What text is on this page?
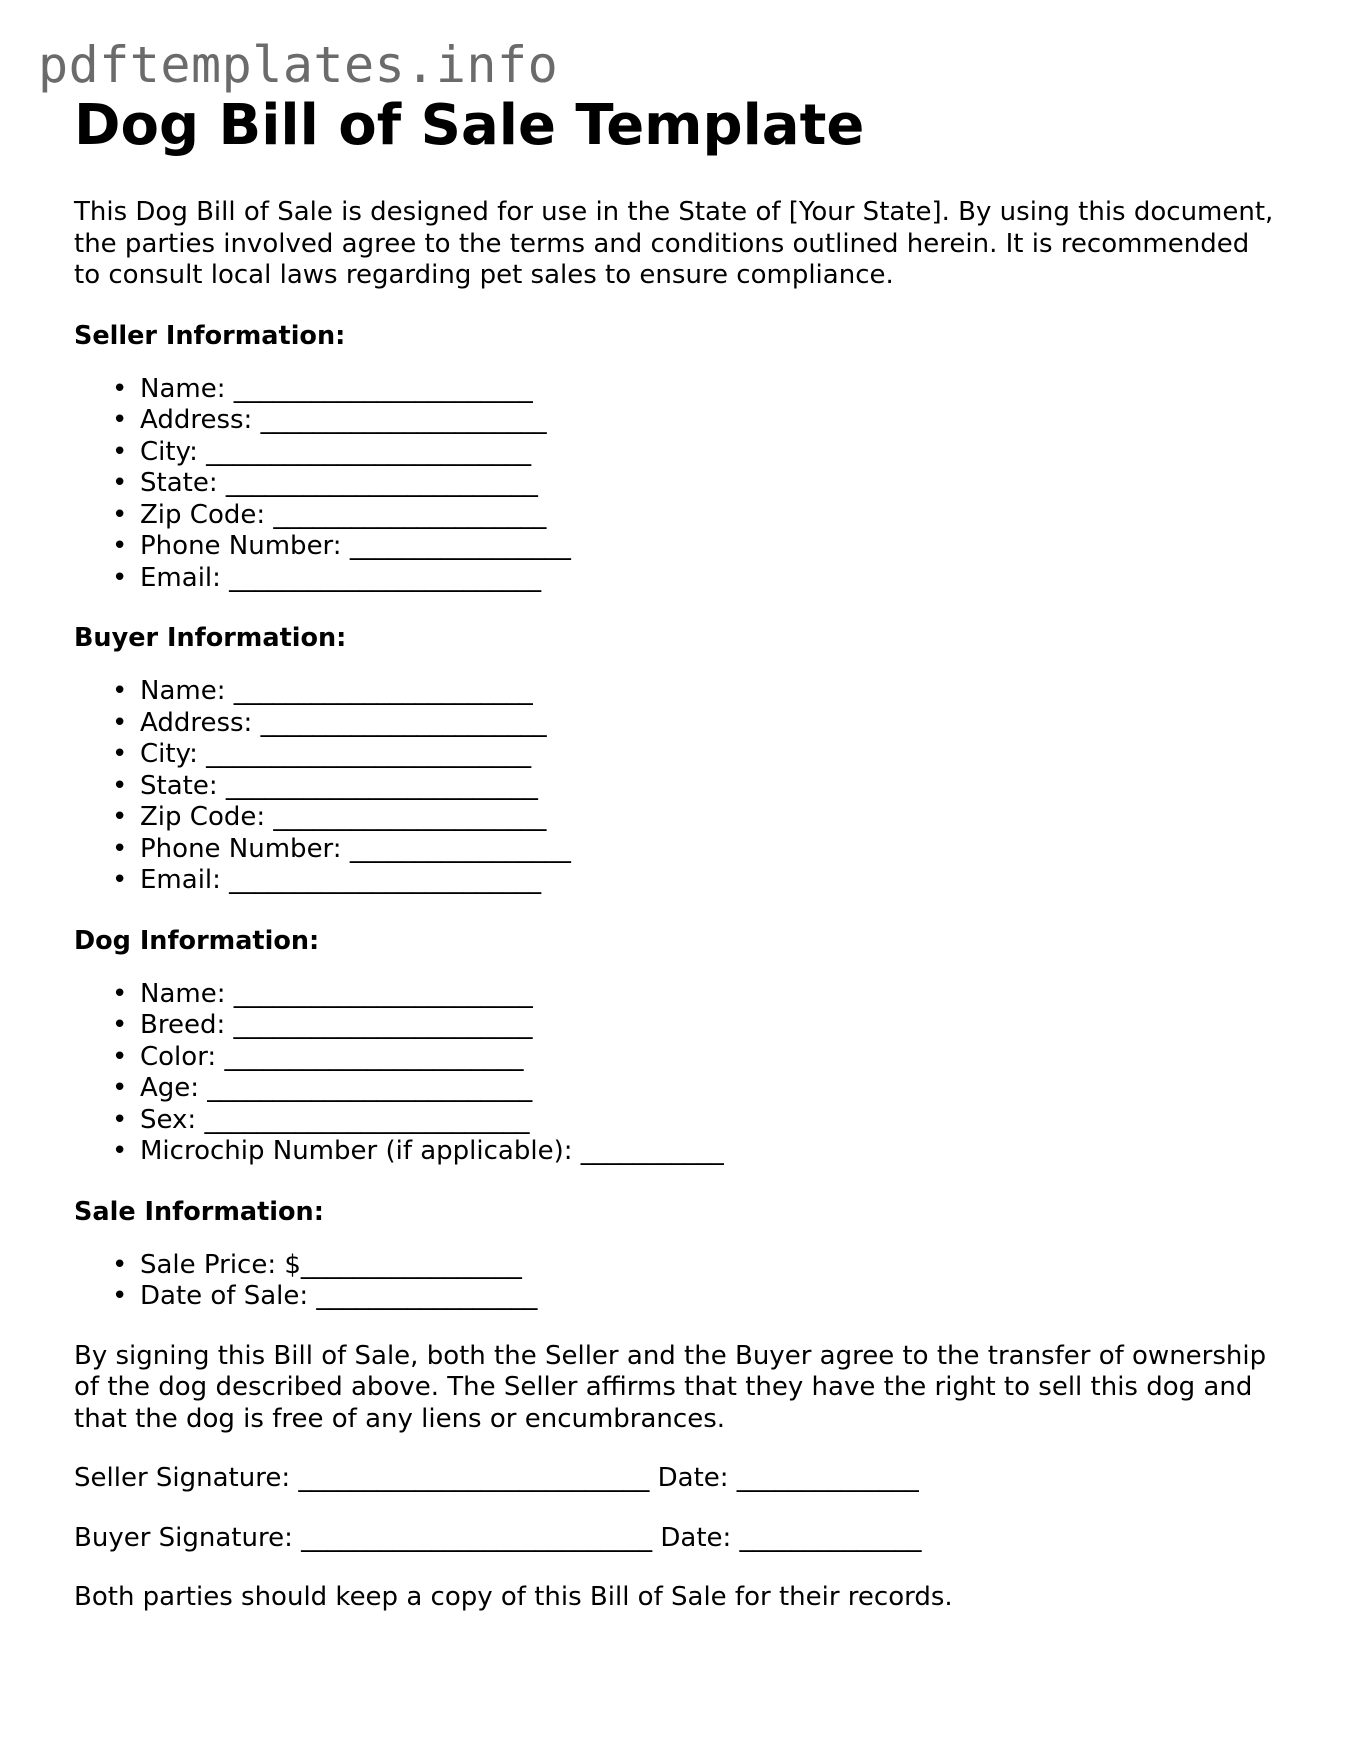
pdftemplates.info
Dog Bill of Sale Template

This Dog Bill of Sale is designed for use in the State of [Your State]. By using this document, the parties involved agree to the terms and conditions outlined herein. It is recommended to consult local laws regarding pet sales to ensure compliance.

Seller Information:
• Name: _______________________
• Address: ______________________
• City: _________________________
• State: ________________________
• Zip Code: _____________________
• Phone Number: _________________
• Email: ________________________
Buyer Information:
• Name: _______________________
• Address: ______________________
• City: _________________________
• State: ________________________
• Zip Code: _____________________
• Phone Number: _________________
• Email: ________________________
Dog Information:
• Name: _______________________
• Breed: _______________________
• Color: _______________________
• Age: _________________________
• Sex: _________________________
• Microchip Number (if applicable): ___________
Sale Information:
• Sale Price: $_________________
• Date of Sale: _________________

By signing this Bill of Sale, both the Seller and the Buyer agree to the transfer of ownership of the dog described above. The Seller affirms that they have the right to sell this dog and that the dog is free of any liens or encumbrances.

Seller Signature: ___________________________ Date: ______________

Buyer Signature: ___________________________ Date: ______________

Both parties should keep a copy of this Bill of Sale for their records.
